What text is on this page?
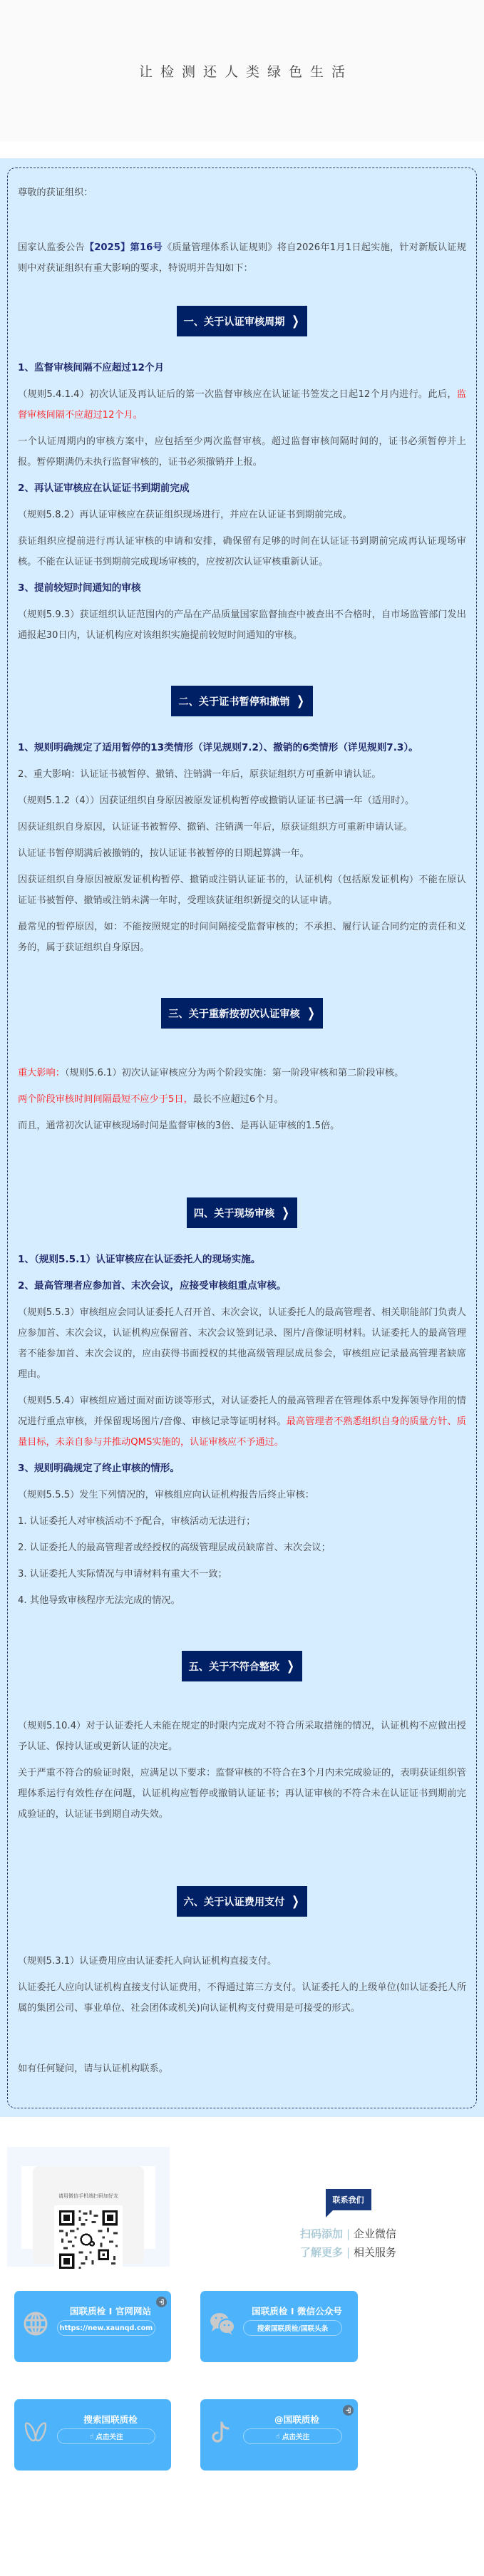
让检测还人类绿色生活

尊敬的获证组织：

国家认监委公告【2025】第16号《质量管理体系认证规则》将自2026年1月1日起实施，针对新版认证规则中对获证组织有重大影响的要求，特说明并告知如下：

一、关于认证审核周期 ❯
1、监督审核间隔不应超过12个月

（规则5.4.1.4）初次认证及再认证后的第一次监督审核应在认证证书签发之日起12个月内进行。此后，监督审核间隔不应超过12个月。

一个认证周期内的审核方案中，应包括至少两次监督审核。超过监督审核间隔时间的，证书必须暂停并上报。暂停期满仍未执行监督审核的，证书必须撤销并上报。

2、再认证审核应在认证证书到期前完成

（规则5.8.2）再认证审核应在获证组织现场进行，并应在认证证书到期前完成。

获证组织应提前进行再认证审核的申请和安排，确保留有足够的时间在认证证书到期前完成再认证现场审核。不能在认证证书到期前完成现场审核的，应按初次认证审核重新认证。

3、提前较短时间通知的审核

（规则5.9.3）获证组织认证范围内的产品在产品质量国家监督抽查中被查出不合格时，自市场监管部门发出通报起30日内，认证机构应对该组织实施提前较短时间通知的审核。

二、关于证书暂停和撤销 ❯
1、规则明确规定了适用暂停的13类情形（详见规则7.2）、撤销的6类情形（详见规则7.3）。

2、重大影响：认证证书被暂停、撤销、注销满一年后，原获证组织方可重新申请认证。

（规则5.1.2（4））因获证组织自身原因被原发证机构暂停或撤销认证证书已满一年（适用时）。

因获证组织自身原因，认证证书被暂停、撤销、注销满一年后，原获证组织方可重新申请认证。

认证证书暂停期满后被撤销的，按认证证书被暂停的日期起算满一年。

因获证组织自身原因被原发证机构暂停、撤销或注销认证证书的，认证机构（包括原发证机构）不能在原认证证书被暂停、撤销或注销未满一年时，受理该获证组织新提交的认证申请。

最常见的暂停原因，如：不能按照规定的时间间隔接受监督审核的；不承担、履行认证合同约定的责任和义务的，属于获证组织自身原因。

三、关于重新按初次认证审核 ❯

重大影响：（规则5.6.1）初次认证审核应分为两个阶段实施：第一阶段审核和第二阶段审核。

两个阶段审核时间间隔最短不应少于5日，最长不应超过6个月。

而且，通常初次认证审核现场时间是监督审核的3倍、是再认证审核的1.5倍。

四、关于现场审核 ❯
1、（规则5.5.1）认证审核应在认证委托人的现场实施。
2、最高管理者应参加首、末次会议，应接受审核组重点审核。

（规则5.5.3）审核组应会同认证委托人召开首、末次会议，认证委托人的最高管理者、相关职能部门负责人应参加首、末次会议，认证机构应保留首、末次会议签到记录、图片/音像证明材料。认证委托人的最高管理者不能参加首、末次会议的，应由获得书面授权的其他高级管理层成员参会，审核组应记录最高管理者缺席理由。

（规则5.5.4）审核组应通过面对面访谈等形式，对认证委托人的最高管理者在管理体系中发挥领导作用的情况进行重点审核，并保留现场图片/音像、审核记录等证明材料。最高管理者不熟悉组织自身的质量方针、质量目标，未亲自参与并推动QMS实施的，认证审核应不予通过。

3、规则明确规定了终止审核的情形。

（规则5.5.5）发生下列情况的，审核组应向认证机构报告后终止审核：

1. 认证委托人对审核活动不予配合，审核活动无法进行；

2. 认证委托人的最高管理者或经授权的高级管理层成员缺席首、末次会议；

3. 认证委托人实际情况与申请材料有重大不一致；

4. 其他导致审核程序无法完成的情况。

五、关于不符合整改 ❯

（规则5.10.4）对于认证委托人未能在规定的时限内完成对不符合所采取措施的情况，认证机构不应做出授予认证、保持认证或更新认证的决定。

关于严重不符合的验证时限，应满足以下要求：监督审核的不符合在3个月内未完成验证的，表明获证组织管理体系运行有效性存在问题，认证机构应暂停或撤销认证证书；再认证审核的不符合未在认证证书到期前完成验证的，认证证书到期自动失效。

六、关于认证费用支付 ❯

（规则5.3.1）认证费用应由认证委托人向认证机构直接支付。

认证委托人应向认证机构直接支付认证费用，不得通过第三方支付。认证委托人的上级单位(如认证委托人所属的集团公司、事业单位、社会团体或机关)向认证机构支付费用是可接受的形式。

如有任何疑问，请与认证机构联系。

请用微信手机端扫码加好友	联系我们
扫码添加 | 企业微信
了解更多 | 相关服务
国联质检 I 官网网站
https://new.xaunqd.com
国联质检 I 微信公众号
搜索国联质检/国联头条
搜索国联质检
☝ 点击关注
@国联质检
☝ 点击关注
